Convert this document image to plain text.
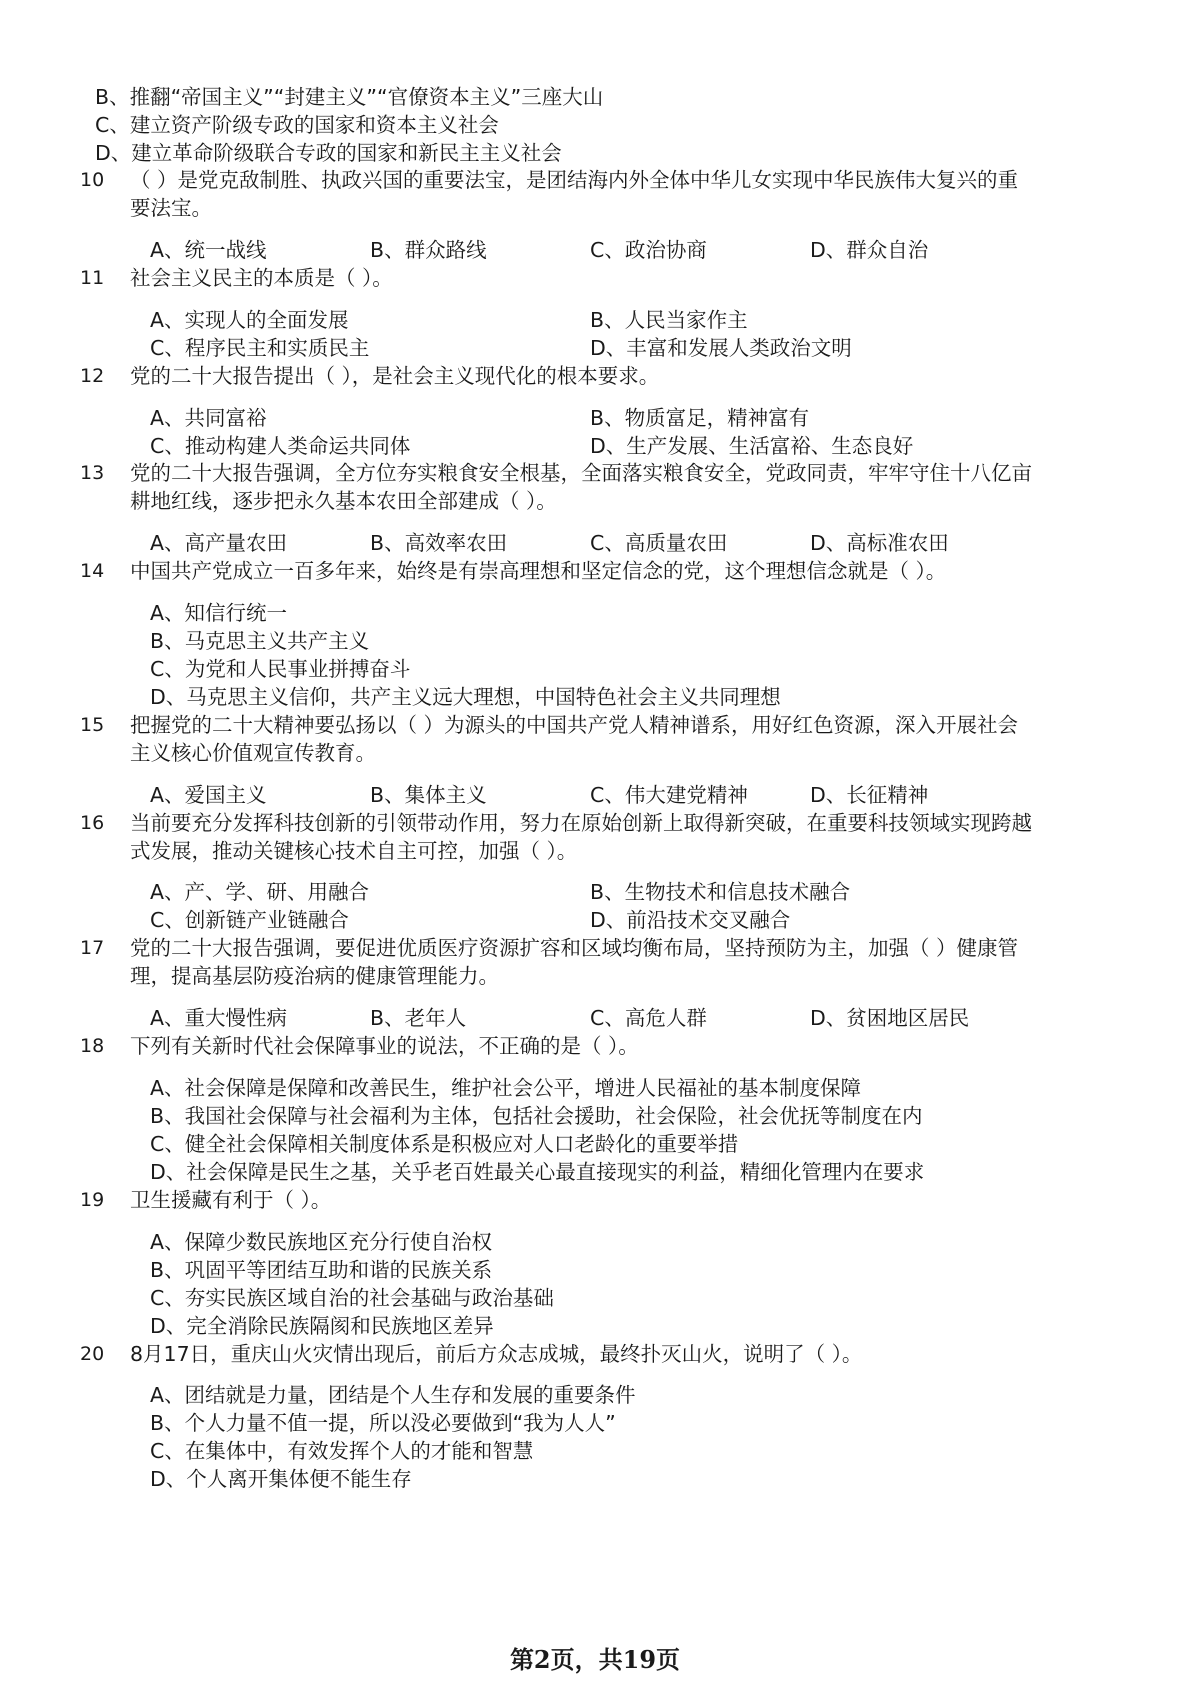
B、推翻“帝国主义”“封建主义”“官僚资本主义”三座大山
C、建立资产阶级专政的国家和资本主义社会
D、建立革命阶级联合专政的国家和新民主主义社会
10 （ ）是党克敌制胜、执政兴国的重要法宝，是团结海内外全体中华儿女实现中华民族伟大复兴的重
要法宝。
A、统一战线	B、群众路线	C、政治协商	D、群众自治
11 社会主义民主的本质是（ ）。
A、实现人的全面发展	B、人民当家作主
C、程序民主和实质民主	D、丰富和发展人类政治文明
12 党的二十大报告提出（ ），是社会主义现代化的根本要求。
A、共同富裕	B、物质富足，精神富有
C、推动构建人类命运共同体	D、生产发展、生活富裕、生态良好
13 党的二十大报告强调，全方位夯实粮食安全根基，全面落实粮食安全，党政同责，牢牢守住十八亿亩
耕地红线，逐步把永久基本农田全部建成（ ）。
A、高产量农田	B、高效率农田	C、高质量农田	D、高标准农田
14 中国共产党成立一百多年来，始终是有崇高理想和坚定信念的党，这个理想信念就是（ ）。
A、知信行统一
B、马克思主义共产主义
C、为党和人民事业拼搏奋斗
D、马克思主义信仰，共产主义远大理想，中国特色社会主义共同理想
15 把握党的二十大精神要弘扬以（ ）为源头的中国共产党人精神谱系，用好红色资源，深入开展社会
主义核心价值观宣传教育。
A、爱国主义	B、集体主义	C、伟大建党精神	D、长征精神
16 当前要充分发挥科技创新的引领带动作用，努力在原始创新上取得新突破，在重要科技领域实现跨越
式发展，推动关键核心技术自主可控，加强（ ）。
A、产、学、研、用融合	B、生物技术和信息技术融合
C、创新链产业链融合	D、前沿技术交叉融合
17 党的二十大报告强调，要促进优质医疗资源扩容和区域均衡布局，坚持预防为主，加强（ ）健康管
理，提高基层防疫治病的健康管理能力。
A、重大慢性病	B、老年人	C、高危人群	D、贫困地区居民
18 下列有关新时代社会保障事业的说法，不正确的是（ ）。
A、社会保障是保障和改善民生，维护社会公平，增进人民福祉的基本制度保障
B、我国社会保障与社会福利为主体，包括社会援助，社会保险，社会优抚等制度在内
C、健全社会保障相关制度体系是积极应对人口老龄化的重要举措
D、社会保障是民生之基，关乎老百姓最关心最直接现实的利益，精细化管理内在要求
19 卫生援藏有利于（ ）。
A、保障少数民族地区充分行使自治权
B、巩固平等团结互助和谐的民族关系
C、夯实民族区域自治的社会基础与政治基础
D、完全消除民族隔阂和民族地区差异
20 8月17日，重庆山火灾情出现后，前后方众志成城，最终扑灭山火，说明了（ ）。
A、团结就是力量，团结是个人生存和发展的重要条件
B、个人力量不值一提，所以没必要做到“我为人人”
C、在集体中，有效发挥个人的才能和智慧
D、个人离开集体便不能生存
第2页，共19页
